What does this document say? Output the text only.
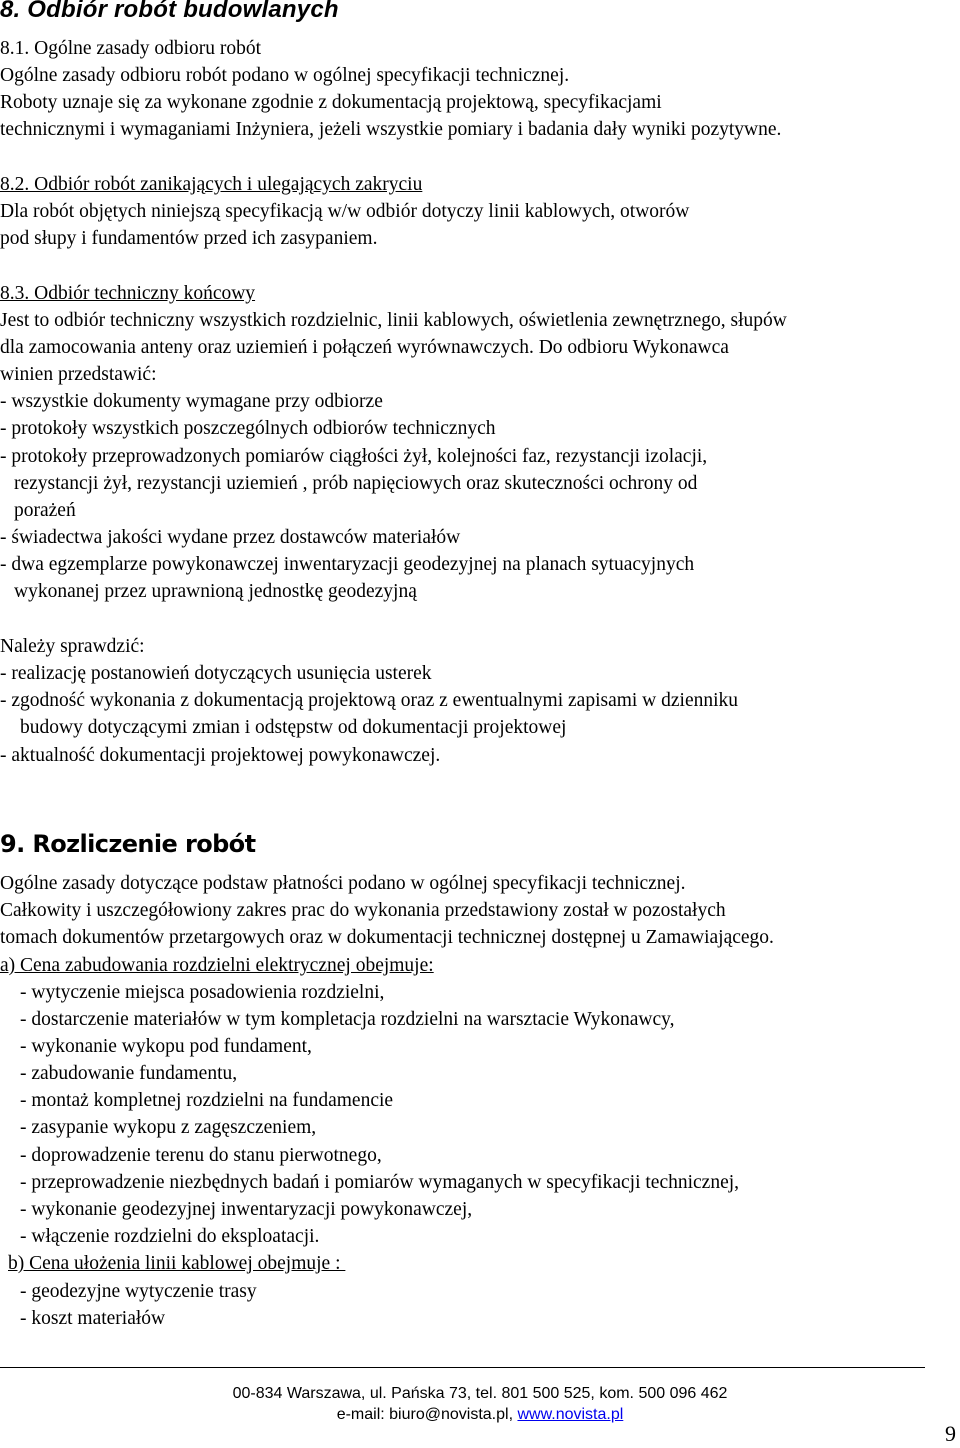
8. Odbiór robót budowlanych
8.1. Ogólne zasady odbioru robót
Ogólne zasady odbioru robót podano w ogólnej specyfikacji technicznej.
Roboty uznaje się za wykonane zgodnie z dokumentacją projektową, specyfikacjami
technicznymi i wymaganiami Inżyniera, jeżeli wszystkie pomiary i badania dały wyniki pozytywne.
8.2. Odbiór robót zanikających i ulegających zakryciu
Dla robót objętych niniejszą specyfikacją w/w odbiór dotyczy linii kablowych, otworów
pod słupy i fundamentów przed ich zasypaniem.
8.3. Odbiór techniczny końcowy
Jest to odbiór techniczny wszystkich rozdzielnic, linii kablowych, oświetlenia zewnętrznego, słupów
dla zamocowania anteny oraz uziemień i połączeń wyrównawczych. Do odbioru Wykonawca
winien przedstawić:
- wszystkie dokumenty wymagane przy odbiorze
- protokoły wszystkich poszczególnych odbiorów technicznych
- protokoły przeprowadzonych pomiarów ciągłości żył, kolejności faz, rezystancji izolacji,
rezystancji żył, rezystancji uziemień , prób napięciowych oraz skuteczności ochrony od
porażeń
- świadectwa jakości wydane przez dostawców materiałów
- dwa egzemplarze powykonawczej inwentaryzacji geodezyjnej na planach sytuacyjnych
wykonanej przez uprawnioną jednostkę geodezyjną
Należy sprawdzić:
- realizację postanowień dotyczących usunięcia usterek
- zgodność wykonania z dokumentacją projektową oraz z ewentualnymi zapisami w dzienniku
budowy dotyczącymi zmian i odstępstw od dokumentacji projektowej
- aktualność dokumentacji projektowej powykonawczej.
9. Rozliczenie robót
Ogólne zasady dotyczące podstaw płatności podano w ogólnej specyfikacji technicznej.
Całkowity i uszczegółowiony zakres prac do wykonania przedstawiony został w pozostałych
tomach dokumentów przetargowych oraz w dokumentacji technicznej dostępnej u Zamawiającego.
a) Cena zabudowania rozdzielni elektrycznej obejmuje:
- wytyczenie miejsca posadowienia rozdzielni,
- dostarczenie materiałów w tym kompletacja rozdzielni na warsztacie Wykonawcy,
- wykonanie wykopu pod fundament,
- zabudowanie fundamentu,
- montaż kompletnej rozdzielni na fundamencie
- zasypanie wykopu z zagęszczeniem,
- doprowadzenie terenu do stanu pierwotnego,
- przeprowadzenie niezbędnych badań i pomiarów wymaganych w specyfikacji technicznej,
- wykonanie geodezyjnej inwentaryzacji powykonawczej,
- włączenie rozdzielni do eksploatacji.
b) Cena ułożenia linii kablowej obejmuje :
- geodezyjne wytyczenie trasy
- koszt materiałów
00-834 Warszawa, ul. Pańska 73, tel. 801 500 525, kom. 500 096 462
e-mail: biuro@novista.pl, www.novista.pl
9
